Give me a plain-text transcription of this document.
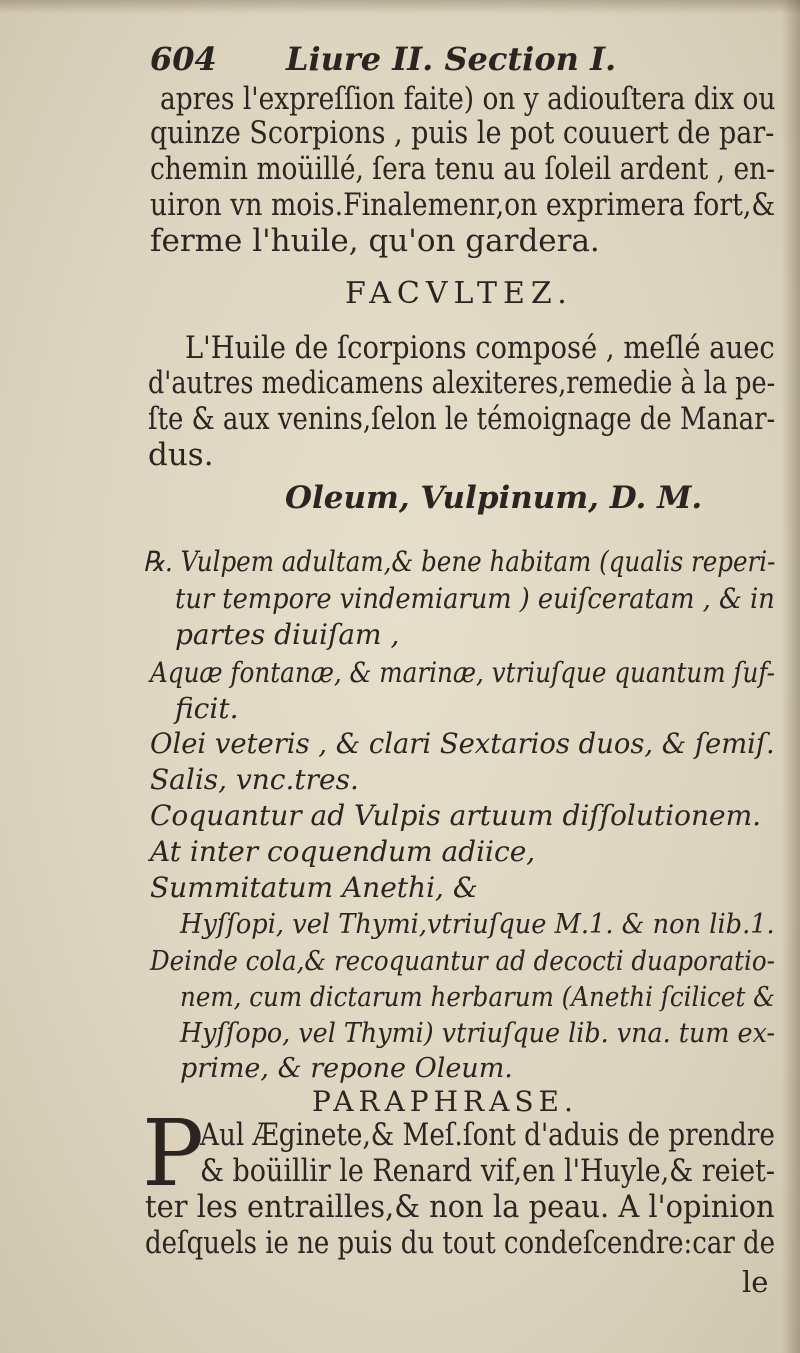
604 Liure II. Section I.
apres l'expreſſion faite) on y adiouſtera dix ou
quinze Scorpions , puis le pot couuert de par-
chemin moüillé, ſera tenu au ſoleil ardent , en-
uiron vn mois.Finalemenr,on exprimera fort,&
ferme l'huile, qu'on gardera.
FACVLTEZ.
L'Huile de ſcorpions composé , meſlé auec
d'autres medicamens alexiteres,remedie à la pe-
ſte & aux venins,ſelon le témoignage de Manar-
dus.
Oleum, Vulpinum, D. M.
℞. Vulpem adultam,& bene habitam (qualis reperi-
tur tempore vindemiarum ) euiſceratam , & in
partes diuiſam ,
Aquæ fontanæ, & marinæ, vtriuſque quantum ſuf-
ficit.
Olei veteris , & clari Sextarios duos, & ſemiſ.
Salis, vnc.tres.
Coquantur ad Vulpis artuum diſſolutionem.
At inter coquendum adiice,
Summitatum Anethi, &
Hyſſopi, vel Thymi,vtriuſque M.1. & non lib.1.
Deinde cola,& recoquantur ad decocti duaporatio-
nem, cum dictarum herbarum (Anethi ſcilicet &
Hyſſopo, vel Thymi) vtriuſque lib. vna. tum ex-
prime, & repone Oleum.
PARAPHRASE.
P
Aul Æginete,& Meſ.ſont d'aduis de prendre
& boüillir le Renard vif,en l'Huyle,& reiet-
ter les entrailles,& non la peau. A l'opinion
deſquels ie ne puis du tout condeſcendre:car de
le
